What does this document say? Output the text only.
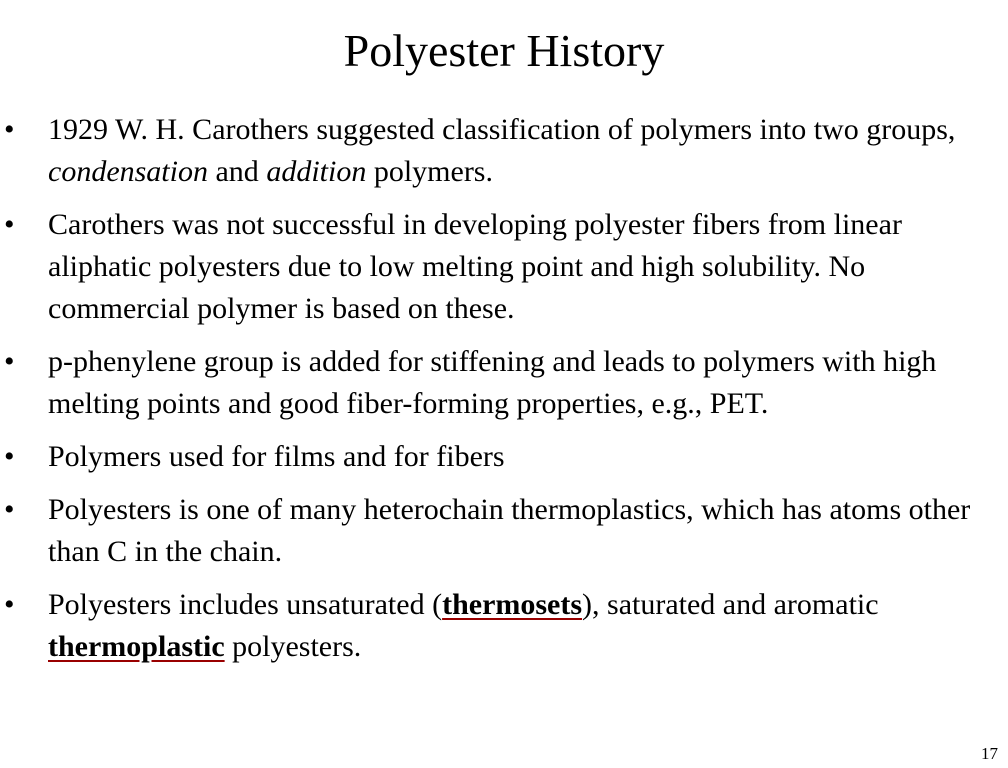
Polyester History
• 1929 W. H. Carothers suggested classification of polymers into two groups, condensation and addition polymers.
• Carothers was not successful in developing polyester fibers from linear aliphatic polyesters due to low melting point and high solubility. No commercial polymer is based on these.
• p-phenylene group is added for stiffening and leads to polymers with high melting points and good fiber-forming properties, e.g., PET.
• Polymers used for films and for fibers
• Polyesters is one of many heterochain thermoplastics, which has atoms other than C in the chain.
• Polyesters includes unsaturated (thermosets), saturated and aromatic thermoplastic polyesters.
17
